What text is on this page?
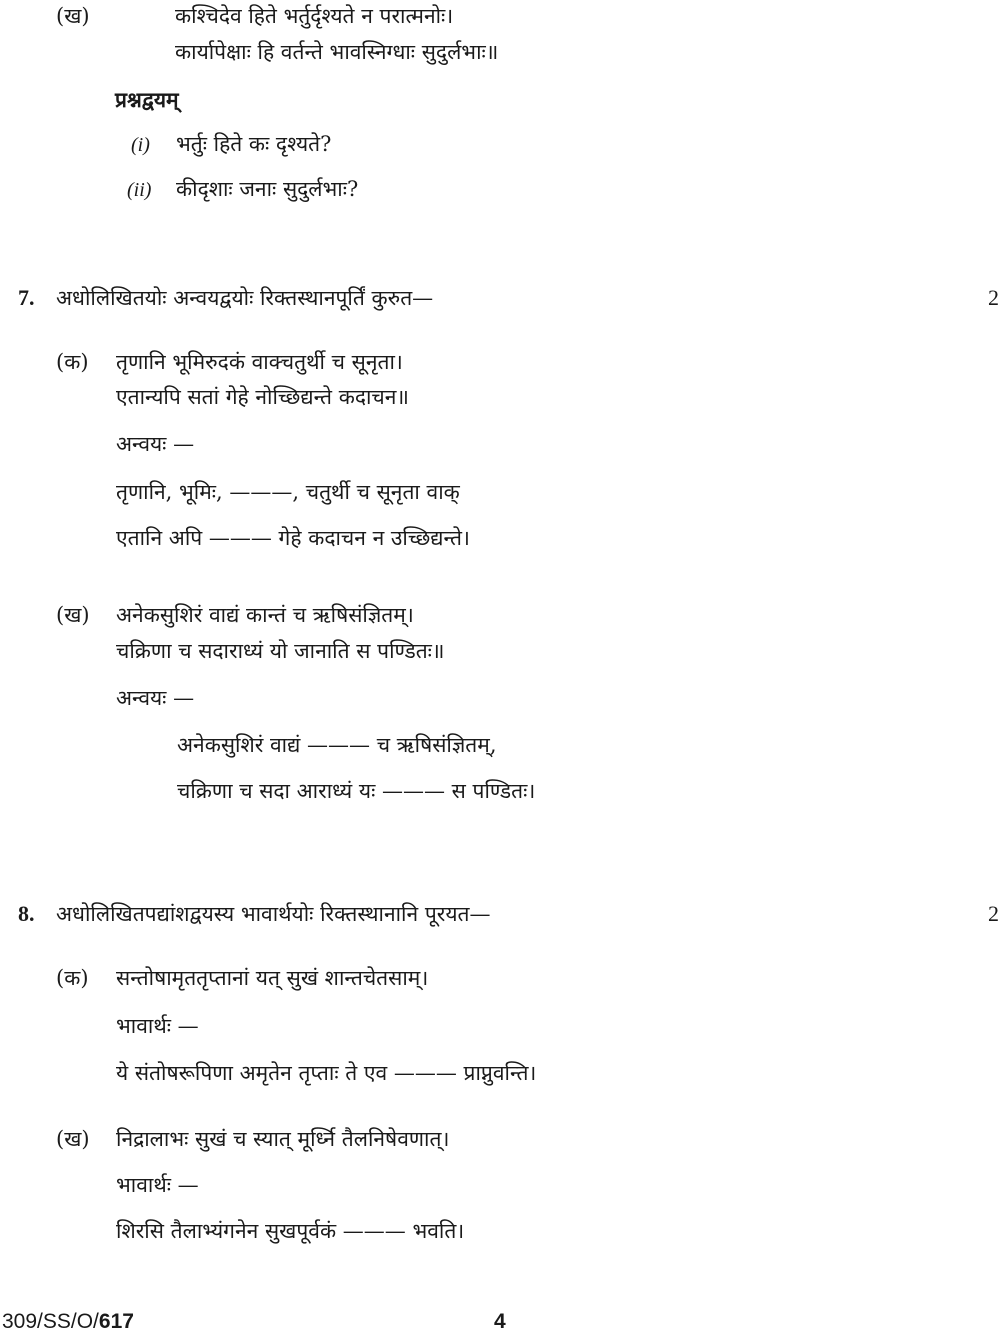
(ख)	कश्चिदेव हिते भर्तुर्दृश्यते न परात्मनोः।
कार्यापेक्षाः हि वर्तन्ते भावस्निग्धाः सुदुर्लभाः॥
प्रश्नद्वयम्
(i) भर्तुः हिते कः दृश्यते?
(ii) कीदृशाः जनाः सुदुर्लभाः?
7. अधोलिखितयोः अन्वयद्वयोः रिक्तस्थानपूर्तिं कुरुत—	2
(क) तृणानि भूमिरुदकं वाक्चतुर्थी च सूनृता।
एतान्यपि सतां गेहे नोच्छिद्यन्ते कदाचन॥
अन्वयः —
तृणानि, भूमिः, ———, चतुर्थी च सूनृता वाक्
एतानि अपि ——— गेहे कदाचन न उच्छिद्यन्ते।
(ख) अनेकसुशिरं वाद्यं कान्तं च ऋषिसंज्ञितम्।
चक्रिणा च सदाराध्यं यो जानाति स पण्डितः॥
अन्वयः —
अनेकसुशिरं वाद्यं ——— च ऋषिसंज्ञितम्,
चक्रिणा च सदा आराध्यं यः ——— स पण्डितः।
8. अधोलिखितपद्यांशद्वयस्य भावार्थयोः रिक्तस्थानानि पूरयत—	2
(क) सन्तोषामृततृप्तानां यत् सुखं शान्तचेतसाम्।
भावार्थः —
ये संतोषरूपिणा अमृतेन तृप्ताः ते एव ——— प्राप्नुवन्ति।
(ख) निद्रालाभः सुखं च स्यात् मूर्ध्नि तैलनिषेवणात्।
भावार्थः —
शिरसि तैलाभ्यंगनेन सुखपूर्वकं ——— भवति।
309/SS/O/617	4
